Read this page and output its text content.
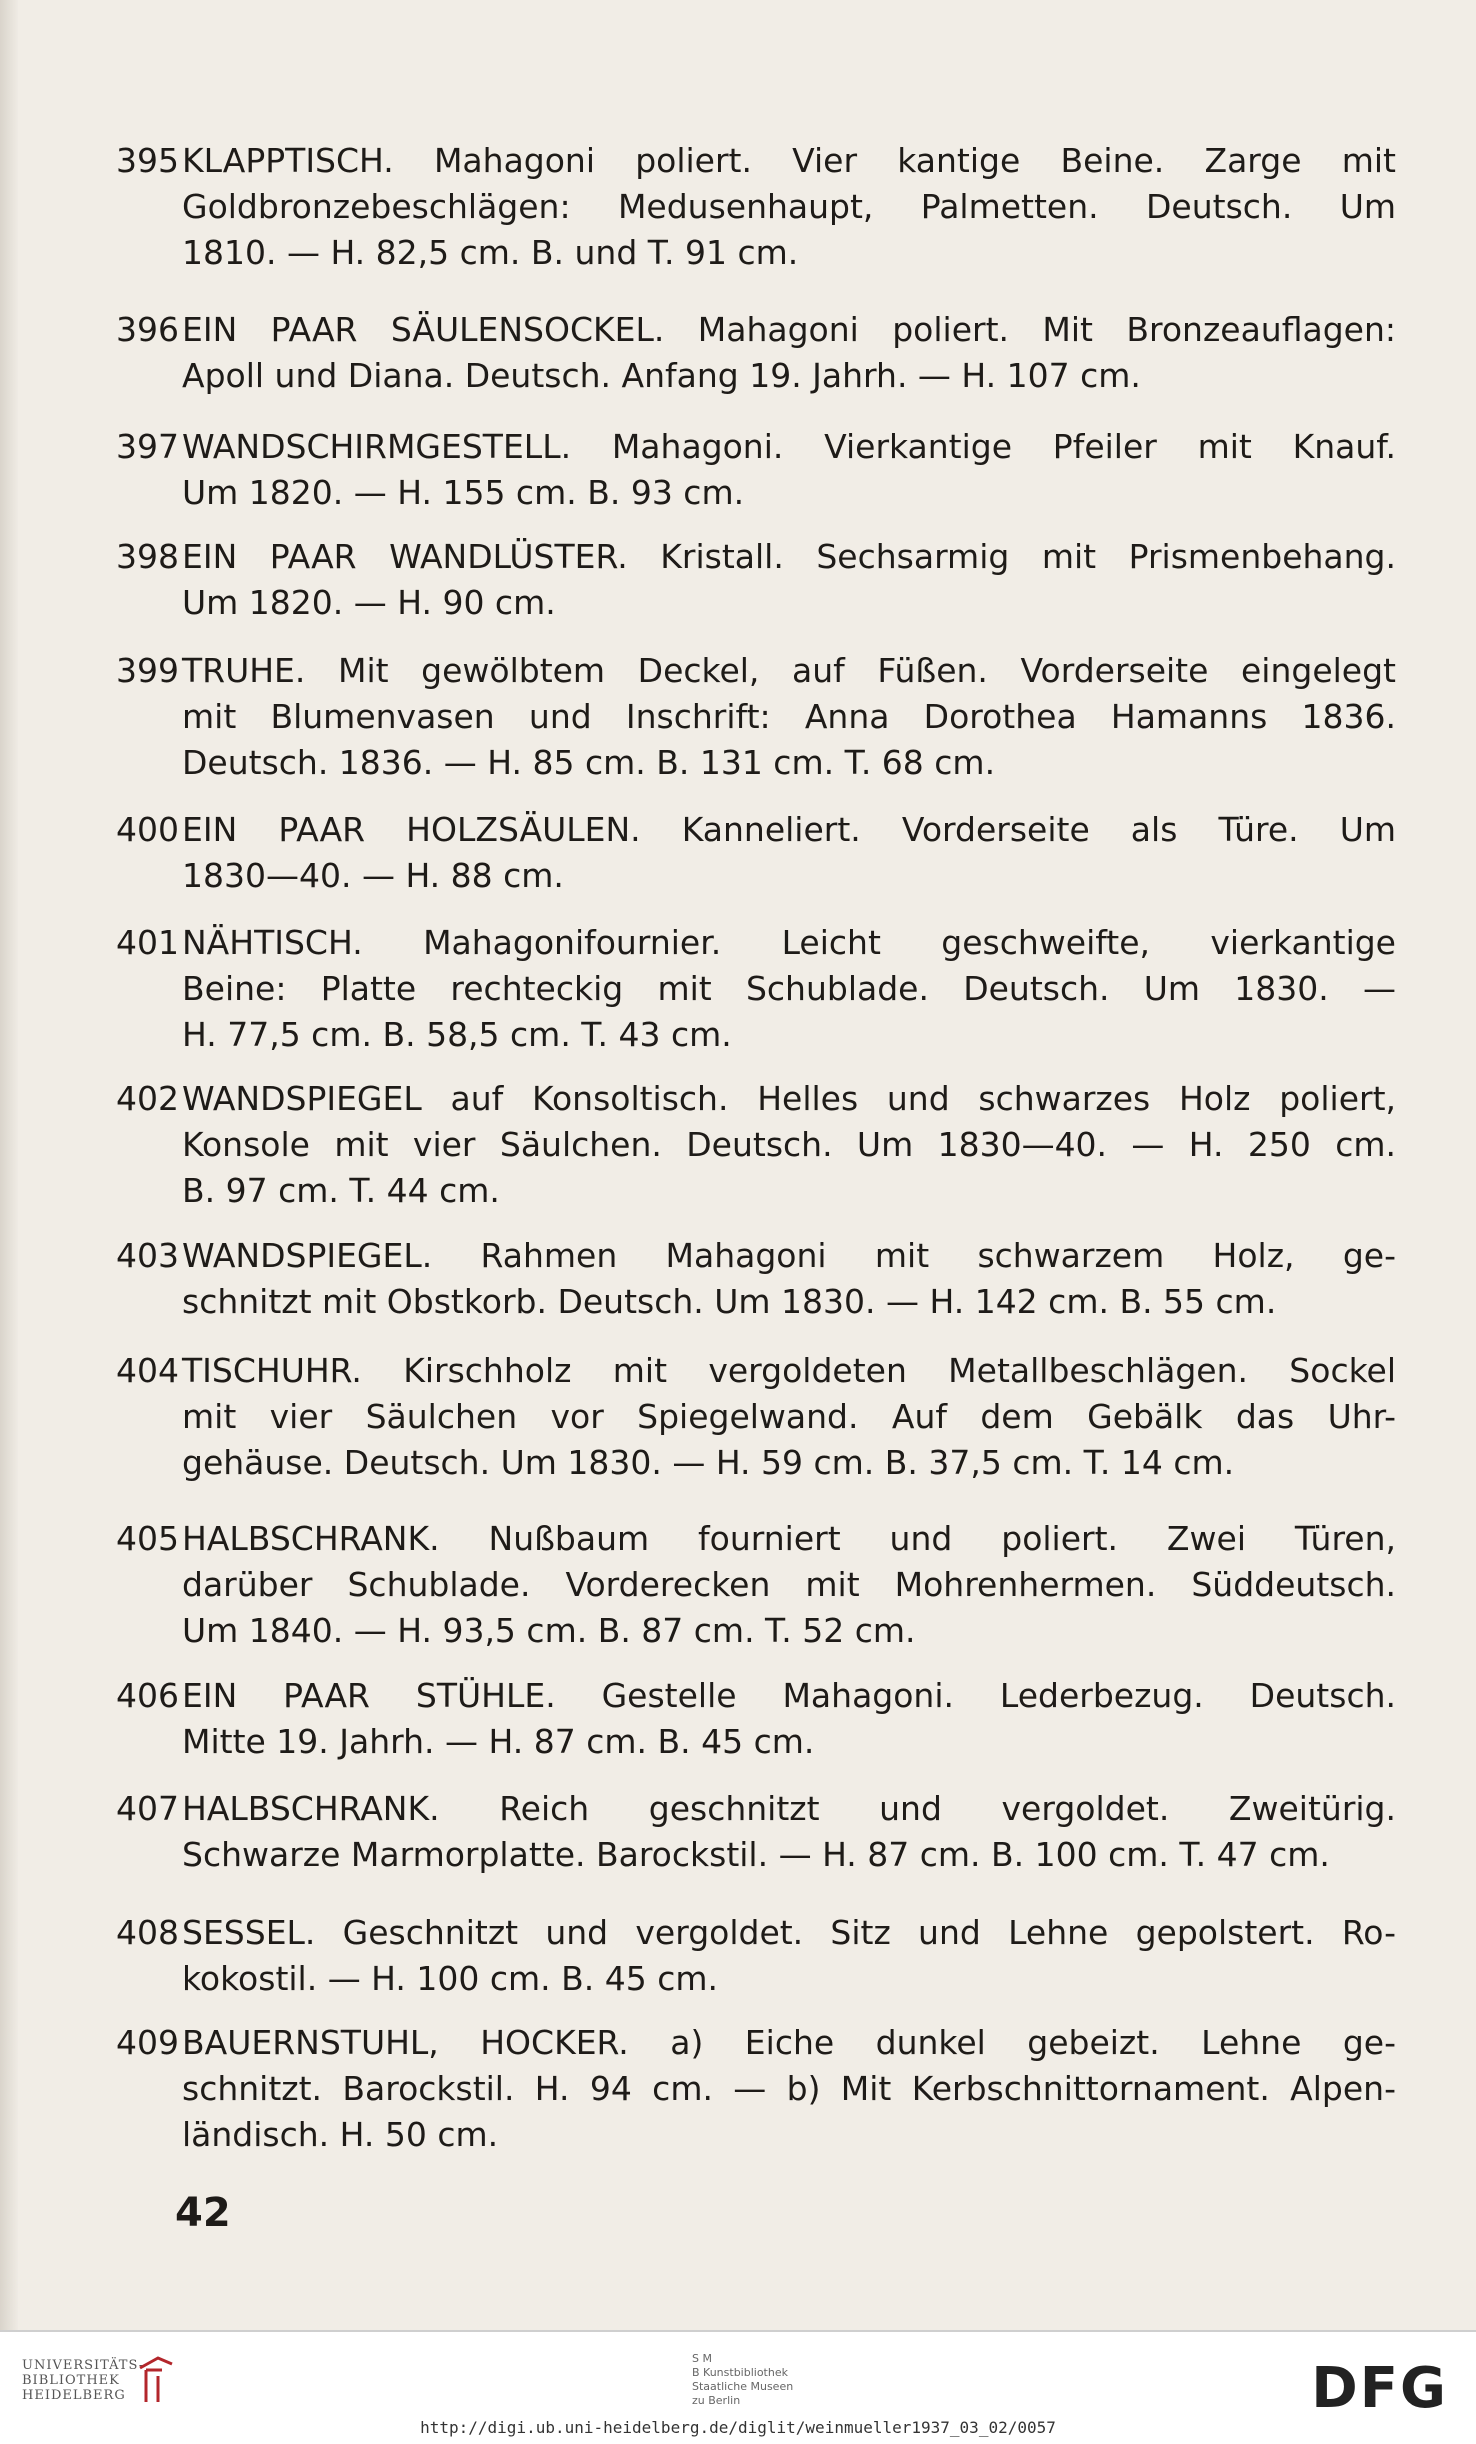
395 KLAPPTISCH. Mahagoni poliert. Vier kantige Beine. Zarge mit
Goldbronzebeschlägen: Medusenhaupt, Palmetten. Deutsch. Um
1810. — H. 82,5 cm. B. und T. 91 cm.
396 EIN PAAR SÄULENSOCKEL. Mahagoni poliert. Mit Bronzeauflagen:
Apoll und Diana. Deutsch. Anfang 19. Jahrh. — H. 107 cm.
397 WANDSCHIRMGESTELL. Mahagoni. Vierkantige Pfeiler mit Knauf.
Um 1820. — H. 155 cm. B. 93 cm.
398 EIN PAAR WANDLÜSTER. Kristall. Sechsarmig mit Prismenbehang.
Um 1820. — H. 90 cm.
399 TRUHE. Mit gewölbtem Deckel, auf Füßen. Vorderseite eingelegt
mit Blumenvasen und Inschrift: Anna Dorothea Hamanns 1836.
Deutsch. 1836. — H. 85 cm. B. 131 cm. T. 68 cm.
400 EIN PAAR HOLZSÄULEN. Kanneliert. Vorderseite als Türe. Um
1830—40. — H. 88 cm.
401 NÄHTISCH. Mahagonifournier. Leicht geschweifte, vierkantige
Beine: Platte rechteckig mit Schublade. Deutsch. Um 1830. —
H. 77,5 cm. B. 58,5 cm. T. 43 cm.
402 WANDSPIEGEL auf Konsoltisch. Helles und schwarzes Holz poliert,
Konsole mit vier Säulchen. Deutsch. Um 1830—40. — H. 250 cm.
B. 97 cm. T. 44 cm.
403 WANDSPIEGEL. Rahmen Mahagoni mit schwarzem Holz, ge-
schnitzt mit Obstkorb. Deutsch. Um 1830. — H. 142 cm. B. 55 cm.
404 TISCHUHR. Kirschholz mit vergoldeten Metallbeschlägen. Sockel
mit vier Säulchen vor Spiegelwand. Auf dem Gebälk das Uhr-
gehäuse. Deutsch. Um 1830. — H. 59 cm. B. 37,5 cm. T. 14 cm.
405 HALBSCHRANK. Nußbaum fourniert und poliert. Zwei Türen,
darüber Schublade. Vorderecken mit Mohrenhermen. Süddeutsch.
Um 1840. — H. 93,5 cm. B. 87 cm. T. 52 cm.
406 EIN PAAR STÜHLE. Gestelle Mahagoni. Lederbezug. Deutsch.
Mitte 19. Jahrh. — H. 87 cm. B. 45 cm.
407 HALBSCHRANK. Reich geschnitzt und vergoldet. Zweitürig.
Schwarze Marmorplatte. Barockstil. — H. 87 cm. B. 100 cm. T. 47 cm.
408 SESSEL. Geschnitzt und vergoldet. Sitz und Lehne gepolstert. Ro-
kokostil. — H. 100 cm. B. 45 cm.
409 BAUERNSTUHL, HOCKER. a) Eiche dunkel gebeizt. Lehne ge-
schnitzt. Barockstil. H. 94 cm. — b) Mit Kerbschnittornament. Alpen-
ländisch. H. 50 cm.
42
UNIVERSITÄTS-
BIBLIOTHEK
HEIDELBERG
S M
B Kunstbibliothek
Staatliche Museen
zu Berlin	DFG
http://digi.ub.uni-heidelberg.de/diglit/weinmueller1937_03_02/0057
